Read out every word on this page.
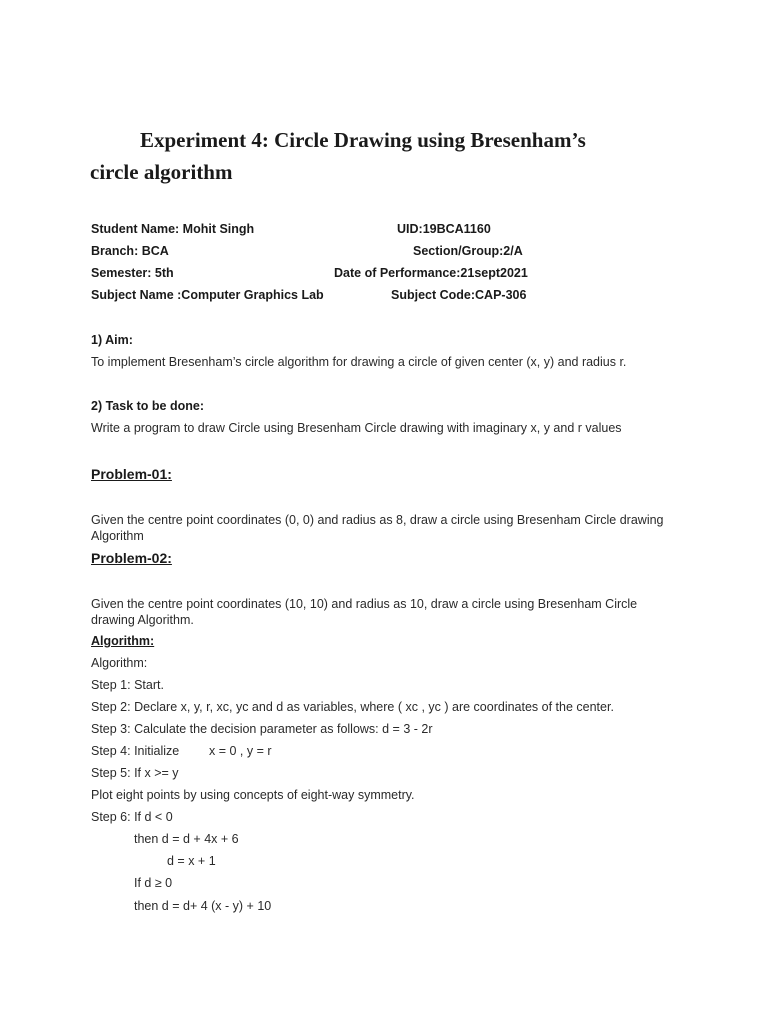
Experiment 4: Circle Drawing using Bresenham’s
circle algorithm
Student Name: Mohit Singh	UID:19BCA1160
Branch: BCA	Section/Group:2/A
Semester: 5th	Date of Performance:21sept2021
Subject Name :Computer Graphics Lab	Subject Code:CAP-306
1) Aim:
To implement Bresenham’s circle algorithm for drawing a circle of given center (x, y) and radius r.
2) Task to be done:
Write a program to draw Circle using Bresenham Circle drawing with imaginary x, y and r values
Problem-01:
Given the centre point coordinates (0, 0) and radius as 8, draw a circle using Bresenham Circle drawing Algorithm
Problem-02:
Given the centre point coordinates (10, 10) and radius as 10, draw a circle using Bresenham Circle drawing Algorithm.
Algorithm:
Algorithm:
Step 1: Start.
Step 2: Declare x, y, r, xc, yc and d as variables, where ( xc , yc ) are coordinates of the center.
Step 3: Calculate the decision parameter as follows: d = 3 - 2r
Step 4: Initialize x = 0 , y = r
Step 5: If x >= y
Plot eight points by using concepts of eight-way symmetry.
Step 6: If d < 0
then d = d + 4x + 6
d = x + 1
If d ≥ 0
then d = d+ 4 (x - y) + 10
